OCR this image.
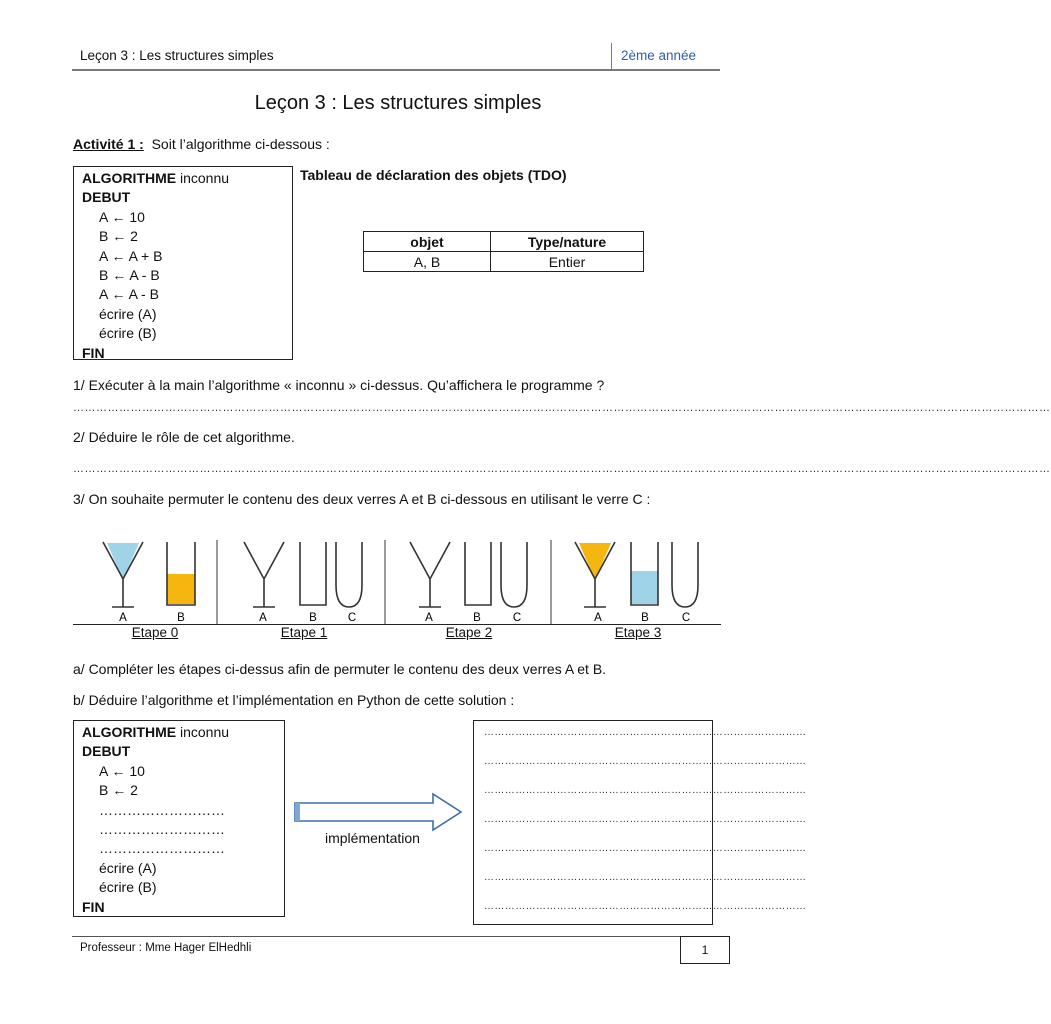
Leçon 3 : Les structures simples	2ème année
Leçon 3 : Les structures simples
Activité 1 : Soit l’algorithme ci-dessous :
ALGORITHME inconnu
DEBUT
A ← 10
B ← 2
A ← A + B
B ← A - B
A ← A - B
écrire (A)
écrire (B)
FIN
Tableau de déclaration des objets (TDO)
objet	Type/nature
A, B	Entier
1/ Exécuter à la main l’algorithme « inconnu » ci-dessus. Qu’affichera le programme ?
…………………………………………………………………………………………………………………………………………………………………………………………………………………………………
2/ Déduire le rôle de cet algorithme.
…………………………………………………………………………………………………………………………………………………………………………………………………………………………………
3/ On souhaite permuter le contenu des deux verres A et B ci-dessous en utilisant le verre C :
A	B	A	B	C	A	B	C	A	B	C
Etape 0	Etape 1	Etape 2	Etape 3
a/ Compléter les étapes ci-dessus afin de permuter le contenu des deux verres A et B.
b/ Déduire l’algorithme et l’implémentation en Python de cette solution :
ALGORITHME inconnu
DEBUT
A ← 10
B ← 2
………………………
………………………
………………………
écrire (A)
écrire (B)
FIN
implémentation
…………………………………………………………………………………
…………………………………………………………………………………
…………………………………………………………………………………
…………………………………………………………………………………
…………………………………………………………………………………
…………………………………………………………………………………
…………………………………………………………………………………
Professeur : Mme Hager ElHedhli	1
